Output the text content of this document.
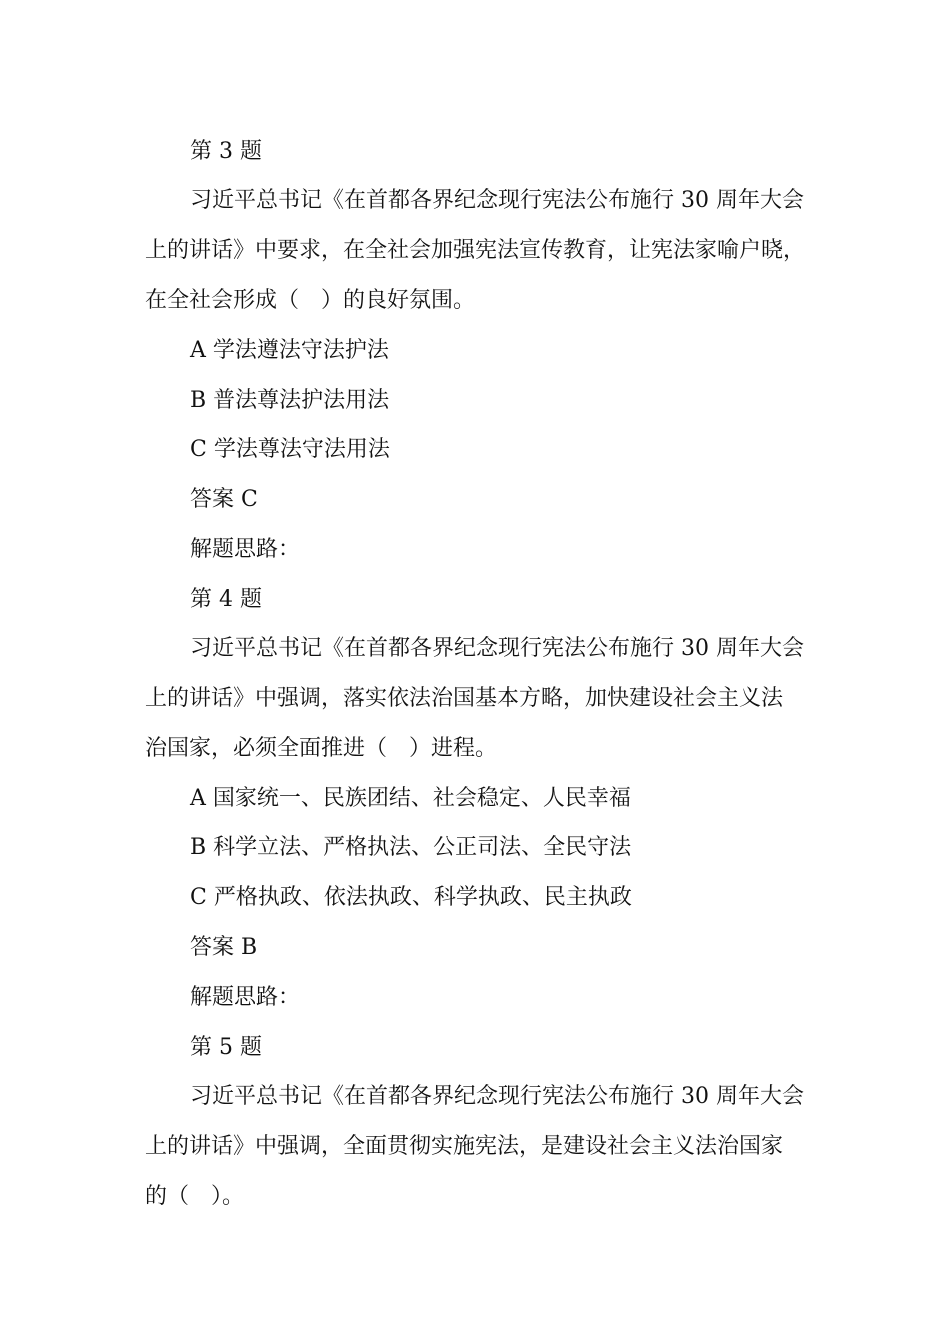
第 3 题
习近平总书记《在首都各界纪念现行宪法公布施行 30 周年大会
上的讲话》中要求，在全社会加强宪法宣传教育，让宪法家喻户晓，
在全社会形成（　）的良好氛围。
A 学法遵法守法护法
B 普法尊法护法用法
C 学法尊法守法用法
答案 C
解题思路：
第 4 题
习近平总书记《在首都各界纪念现行宪法公布施行 30 周年大会
上的讲话》中强调，落实依法治国基本方略，加快建设社会主义法
治国家，必须全面推进（　）进程。
A 国家统一、民族团结、社会稳定、人民幸福
B 科学立法、严格执法、公正司法、全民守法
C 严格执政、依法执政、科学执政、民主执政
答案 B
解题思路：
第 5 题
习近平总书记《在首都各界纪念现行宪法公布施行 30 周年大会
上的讲话》中强调，全面贯彻实施宪法，是建设社会主义法治国家
的（　）。
